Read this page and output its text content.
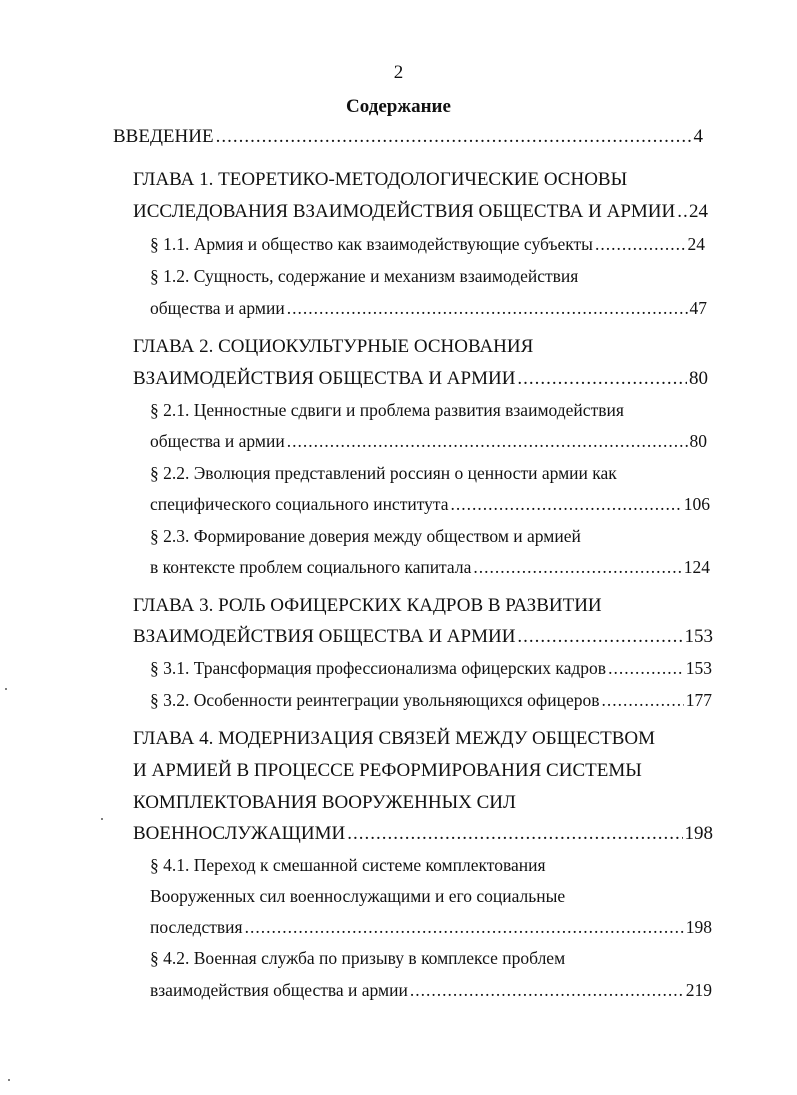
2
Содержание
ВВЕДЕНИЕ .....	4
ГЛАВА 1. ТЕОРЕТИКО-МЕТОДОЛОГИЧЕСКИЕ ОСНОВЫ
ИССЛЕДОВАНИЯ ВЗАИМОДЕЙСТВИЯ ОБЩЕСТВА И АРМИИ ..... 24
§ 1.1. Армия и общество как взаимодействующие субъекты .....	24
§ 1.2. Сущность, содержание и механизм взаимодействия
общества и армии .....	47
ГЛАВА 2. СОЦИОКУЛЬТУРНЫЕ ОСНОВАНИЯ
ВЗАИМОДЕЙСТВИЯ ОБЩЕСТВА И АРМИИ .....	80
§ 2.1. Ценностные сдвиги и проблема развития взаимодействия
общества и армии .....	80
§ 2.2. Эволюция представлений россиян о ценности армии как
специфического социального института .....	106
§ 2.3. Формирование доверия между обществом и армией
в контексте проблем социального капитала .....	124
ГЛАВА 3. РОЛЬ ОФИЦЕРСКИХ КАДРОВ В РАЗВИТИИ
ВЗАИМОДЕЙСТВИЯ ОБЩЕСТВА И АРМИИ .....	153
§ 3.1. Трансформация профессионализма офицерских кадров .....	153
§ 3.2. Особенности реинтеграции увольняющихся офицеров .....	177
ГЛАВА 4. МОДЕРНИЗАЦИЯ СВЯЗЕЙ МЕЖДУ ОБЩЕСТВОМ
И АРМИЕЙ В ПРОЦЕССЕ РЕФОРМИРОВАНИЯ СИСТЕМЫ
КОМПЛЕКТОВАНИЯ ВООРУЖЕННЫХ СИЛ
ВОЕННОСЛУЖАЩИМИ .....	198
§ 4.1. Переход к смешанной системе комплектования
Вооруженных сил военнослужащими и его социальные
последствия .....	198
§ 4.2. Военная служба по призыву в комплексе проблем
взаимодействия общества и армии .....	219
